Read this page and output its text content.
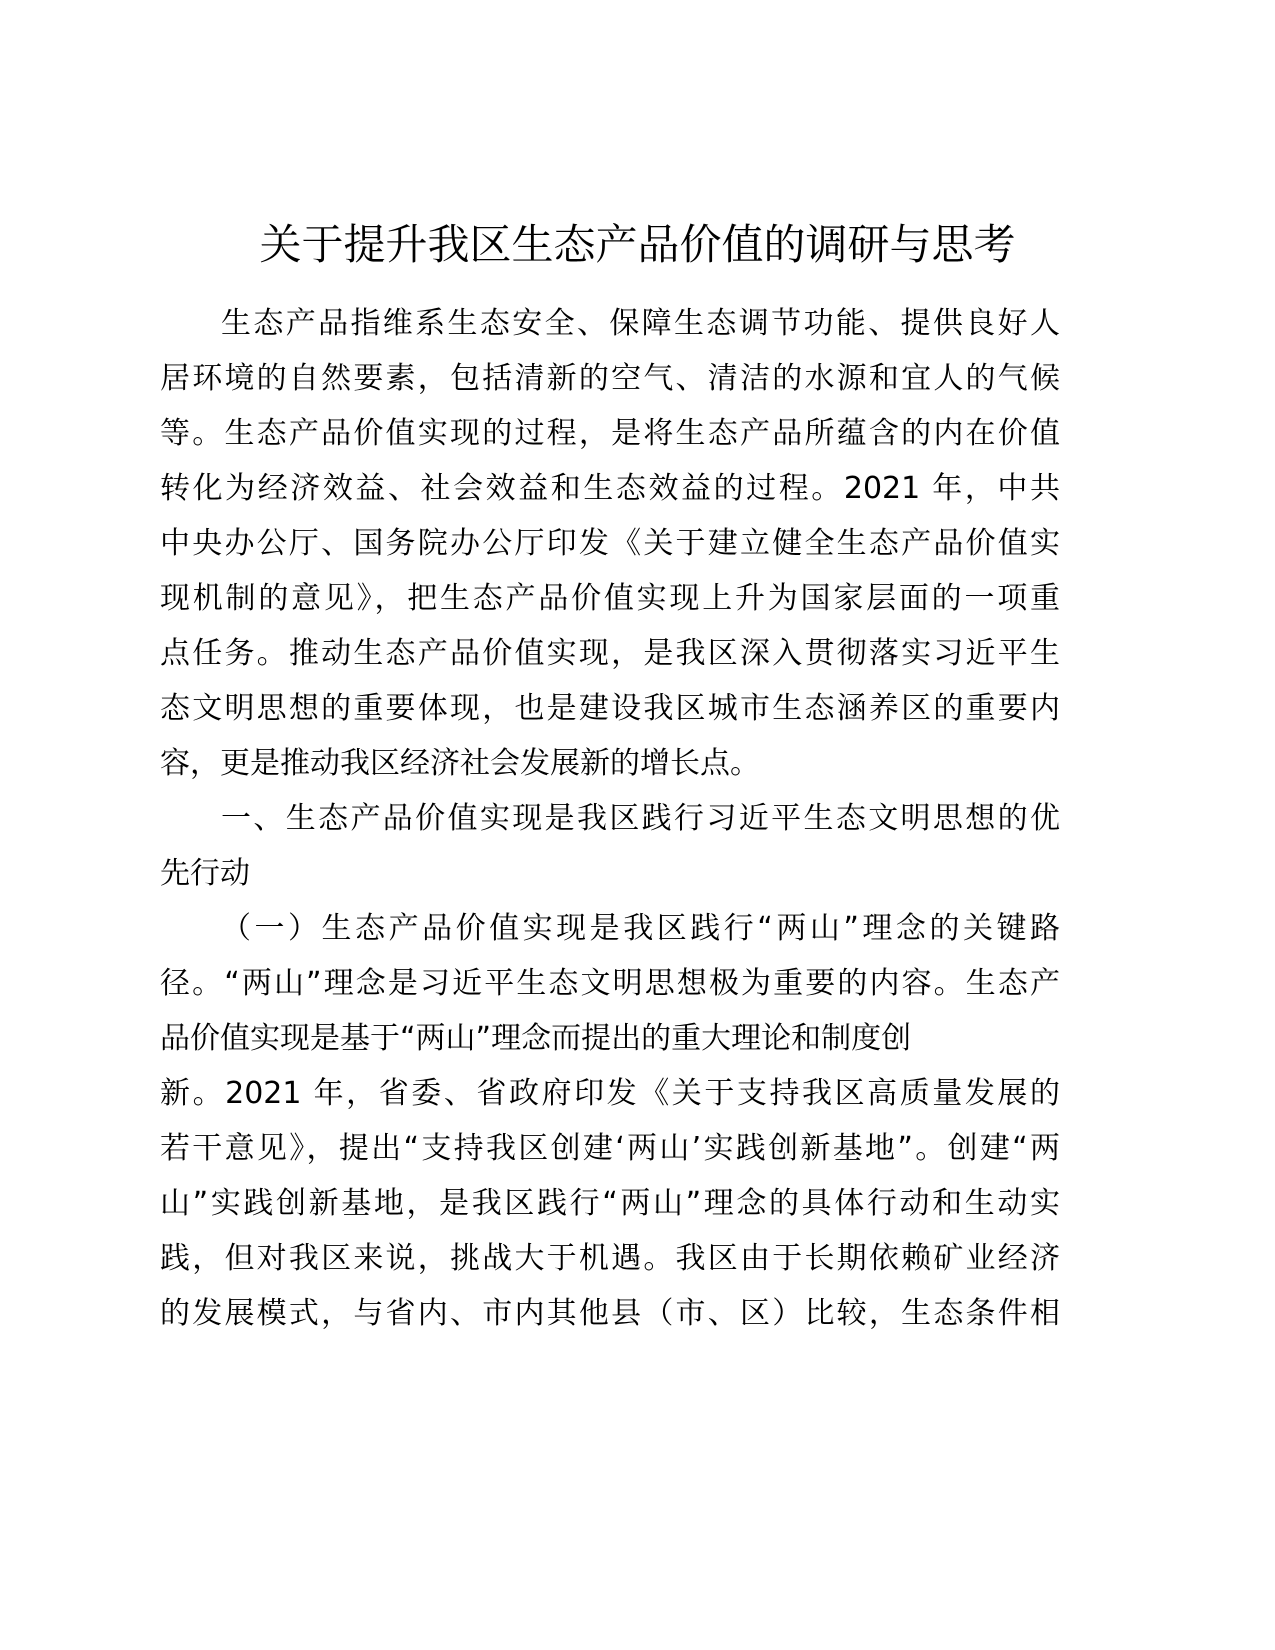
关于提升我区生态产品价值的调研与思考
生态产品指维系生态安全、保障生态调节功能、提供良好人
居环境的自然要素，包括清新的空气、清洁的水源和宜人的气候
等。生态产品价值实现的过程，是将生态产品所蕴含的内在价值
转化为经济效益、社会效益和生态效益的过程。2021 年，中共
中央办公厅、国务院办公厅印发《关于建立健全生态产品价值实
现机制的意见》，把生态产品价值实现上升为国家层面的一项重
点任务。推动生态产品价值实现，是我区深入贯彻落实习近平生
态文明思想的重要体现，也是建设我区城市生态涵养区的重要内
容，更是推动我区经济社会发展新的增长点。
一、生态产品价值实现是我区践行习近平生态文明思想的优
先行动
（一）生态产品价值实现是我区践行“两山”理念的关键路
径。“两山”理念是习近平生态文明思想极为重要的内容。生态产
品价值实现是基于“两山”理念而提出的重大理论和制度创
新。2021 年，省委、省政府印发《关于支持我区高质量发展的
若干意见》，提出“支持我区创建‘两山’实践创新基地”。创建“两
山”实践创新基地，是我区践行“两山”理念的具体行动和生动实
践，但对我区来说，挑战大于机遇。我区由于长期依赖矿业经济
的发展模式，与省内、市内其他县（市、区）比较，生态条件相
